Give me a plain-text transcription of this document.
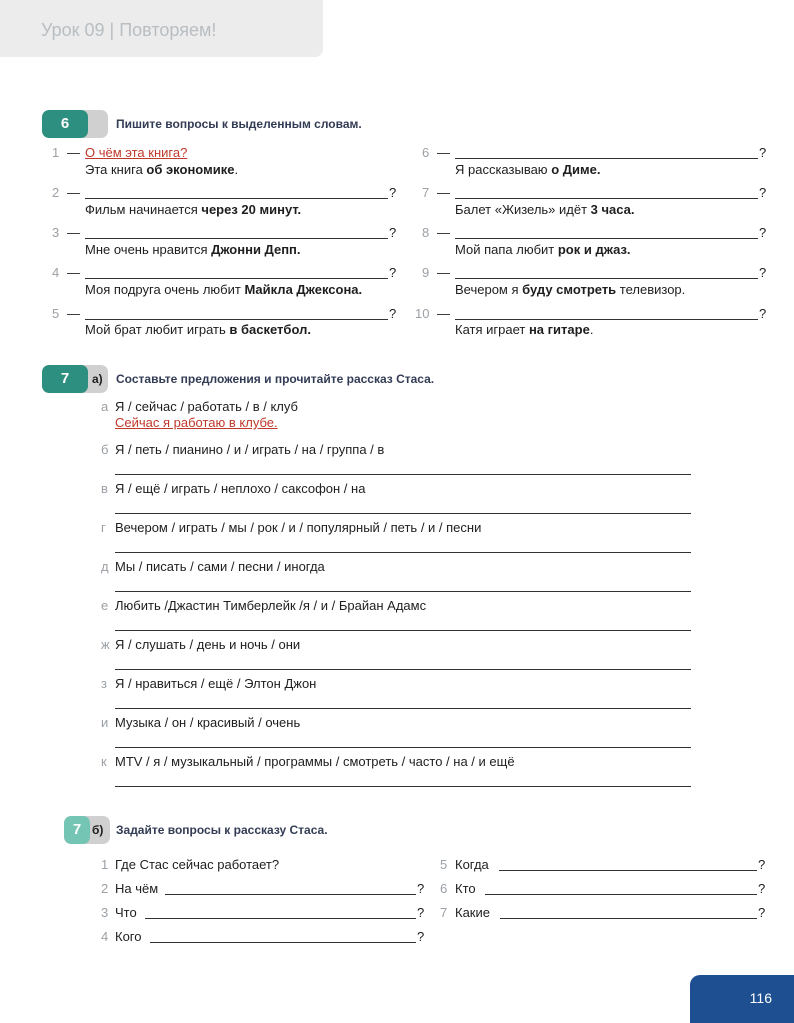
Урок 09 | Повторяем!
6	Пишите вопросы к выделенным словам.
1 — О чём эта книга?
Эта книга об экономике.
2 —	?
Фильм начинается через 20 минут.
3 —	?
Мне очень нравится Джонни Депп.
4 —	?
Моя подруга очень любит Майкла Джексона.
5 —	?
Мой брат любит играть в баскетбол.
6 —	?
Я рассказываю о Диме.
7 —	?
Балет «Жизель» идёт 3 часа.
8 —	?
Мой папа любит рок и джаз.
9 —	?
Вечером я буду смотреть телевизор.
10 —	?
Катя играет на гитаре.
7	а) Составьте предложения и прочитайте рассказ Стаса.
а Я / сейчас / работать / в / клуб
Сейчас я работаю в клубе.
б Я / петь / пианино / и / играть / на / группа / в
в Я / ещё / играть / неплохо / саксофон / на
г Вечером / играть / мы / рок / и / популярный / петь / и / песни
д Мы / писать / сами / песни / иногда
е Любить /Джастин Тимберлейк /я / и / Брайан Адамс
ж Я / слушать / день и ночь / они
з Я / нравиться / ещё / Элтон Джон
и Музыка / он / красивый / очень
к MTV / я / музыкальный / программы / смотреть / часто / на / и ещё
7 б) Задайте вопросы к рассказу Стаса.
1 Где Стас сейчас работает?
2 На чём	?
3 Что	?
4 Кого	?
5 Когда	?
6 Кто	?
7 Какие	?
116
